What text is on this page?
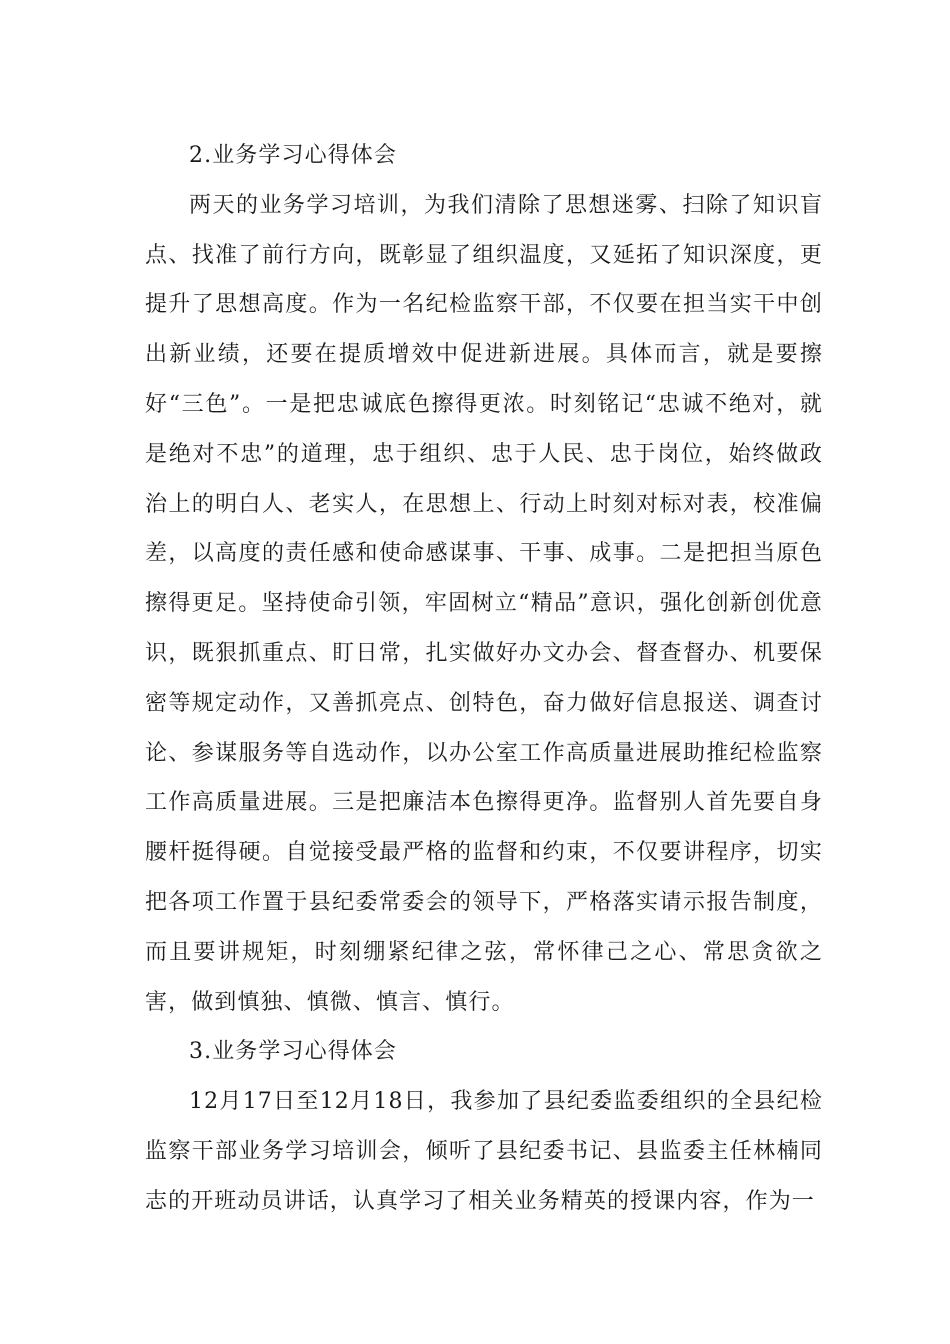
2.业务学习心得体会

两天的业务学习培训，为我们清除了思想迷雾、扫除了知识盲点、找准了前行方向，既彰显了组织温度，又延拓了知识深度，更提升了思想高度。作为一名纪检监察干部，不仅要在担当实干中创出新业绩，还要在提质增效中促进新进展。具体而言，就是要擦好“三色”。一是把忠诚底色擦得更浓。时刻铭记“忠诚不绝对，就是绝对不忠”的道理，忠于组织、忠于人民、忠于岗位，始终做政治上的明白人、老实人，在思想上、行动上时刻对标对表，校准偏差，以高度的责任感和使命感谋事、干事、成事。二是把担当原色擦得更足。坚持使命引领，牢固树立“精品”意识，强化创新创优意识，既狠抓重点、盯日常，扎实做好办文办会、督查督办、机要保密等规定动作，又善抓亮点、创特色，奋力做好信息报送、调查讨论、参谋服务等自选动作，以办公室工作高质量进展助推纪检监察工作高质量进展。三是把廉洁本色擦得更净。监督别人首先要自身腰杆挺得硬。自觉接受最严格的监督和约束，不仅要讲程序，切实把各项工作置于县纪委常委会的领导下，严格落实请示报告制度，而且要讲规矩，时刻绷紧纪律之弦，常怀律己之心、常思贪欲之害，做到慎独、慎微、慎言、慎行。

3.业务学习心得体会

12月17日至12月18日，我参加了县纪委监委组织的全县纪检监察干部业务学习培训会，倾听了县纪委书记、县监委主任林楠同志的开班动员讲话，认真学习了相关业务精英的授课内容，作为一
